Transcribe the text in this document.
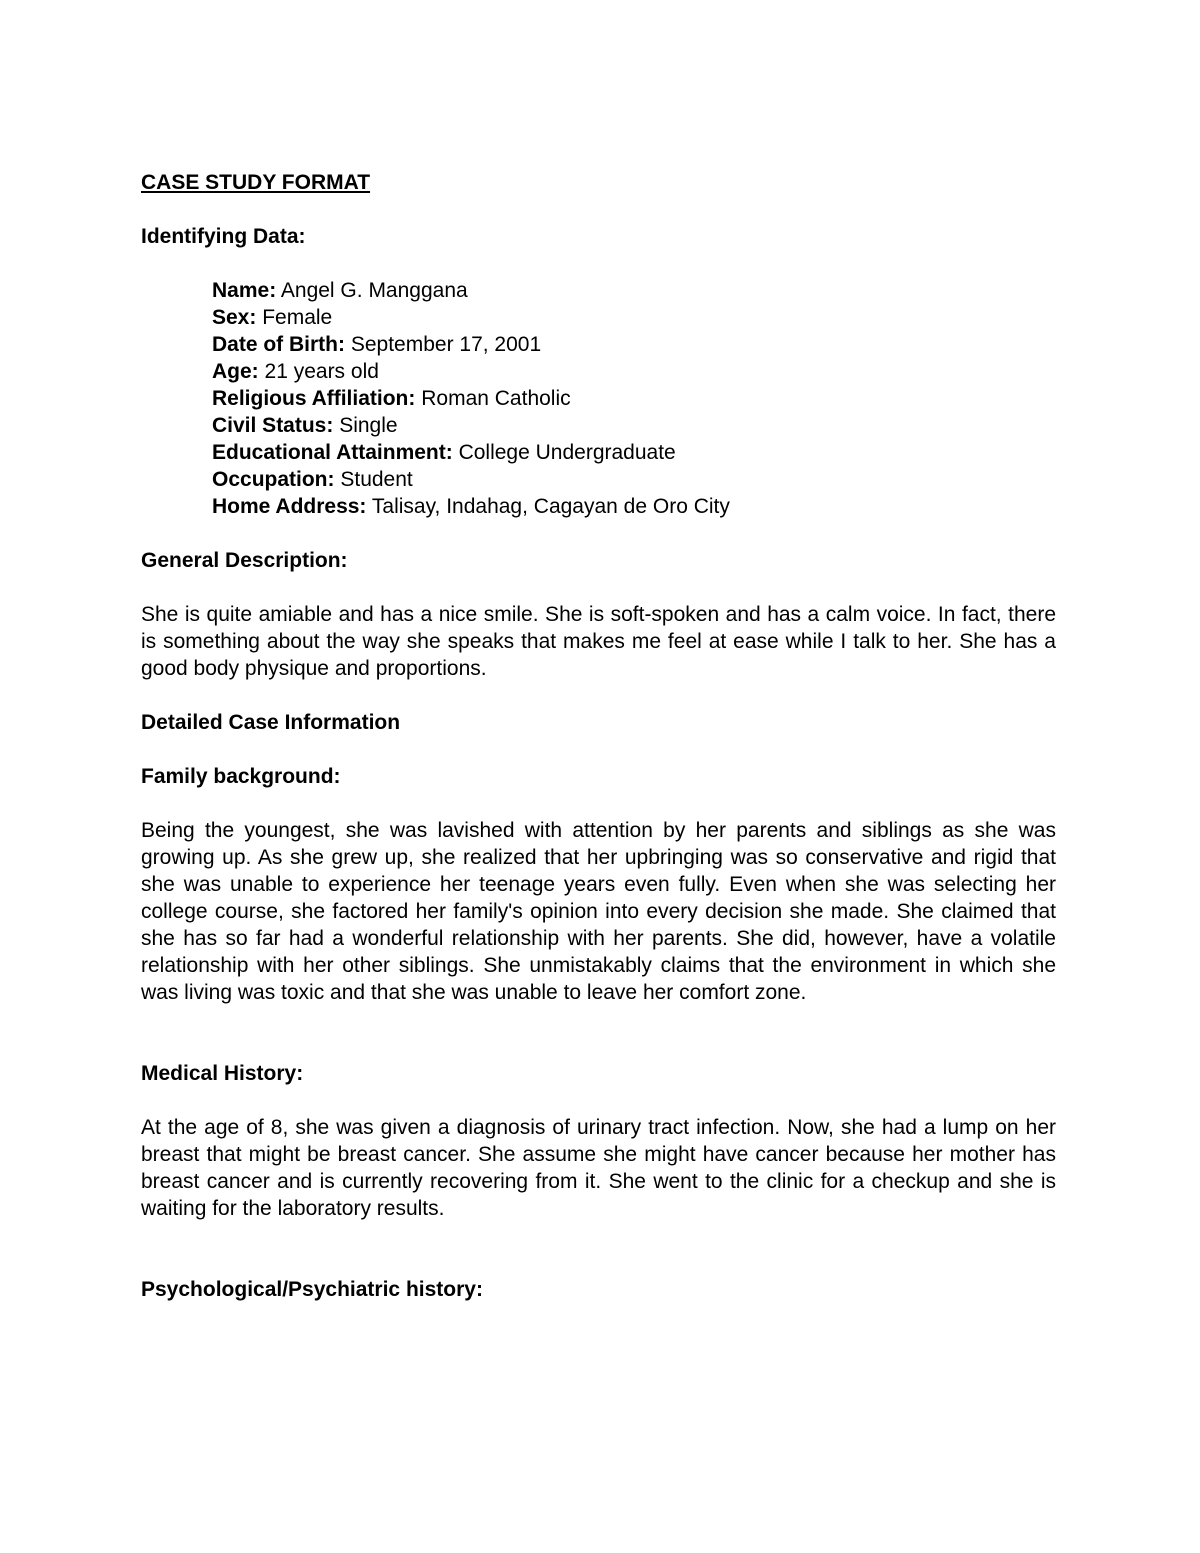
CASE STUDY FORMAT

Identifying Data:

Name: Angel G. Manggana
Sex: Female
Date of Birth: September 17, 2001
Age: 21 years old
Religious Affiliation: Roman Catholic
Civil Status: Single
Educational Attainment: College Undergraduate
Occupation: Student
Home Address: Talisay, Indahag, Cagayan de Oro City

General Description:

She is quite amiable and has a nice smile. She is soft-spoken and has a calm voice. In fact, there is something about the way she speaks that makes me feel at ease while I talk to her. She has a good body physique and proportions.

Detailed Case Information

Family background:

Being the youngest, she was lavished with attention by her parents and siblings as she was growing up. As she grew up, she realized that her upbringing was so conservative and rigid that she was unable to experience her teenage years even fully. Even when she was selecting her college course, she factored her family's opinion into every decision she made. She claimed that she has so far had a wonderful relationship with her parents. She did, however, have a volatile relationship with her other siblings. She unmistakably claims that the environment in which she was living was toxic and that she was unable to leave her comfort zone.

Medical History:

At the age of 8, she was given a diagnosis of urinary tract infection. Now, she had a lump on her breast that might be breast cancer. She assume she might have cancer because her mother has breast cancer and is currently recovering from it. She went to the clinic for a checkup and she is waiting for the laboratory results.

Psychological/Psychiatric history:
